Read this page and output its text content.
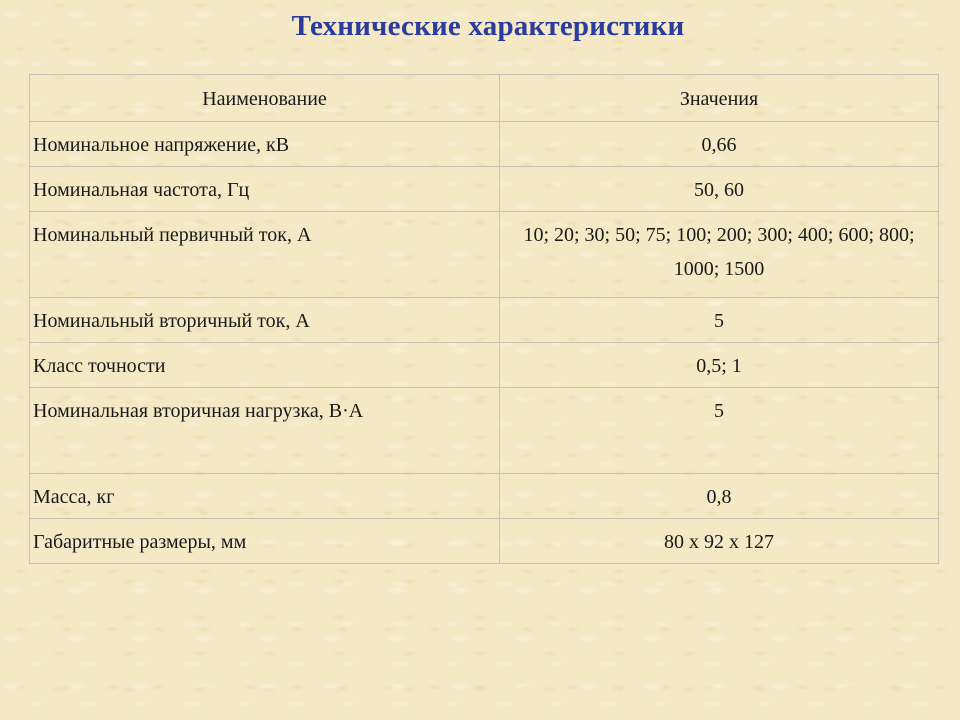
Технические характеристики
Наименование	Значения
Номинальное напряжение, кВ	0,66
Номинальная частота, Гц	50, 60
Номинальный первичный ток, А	10; 20; 30; 50; 75; 100; 200; 300; 400; 600; 800; 1000; 1500
Номинальный вторичный ток, А	5
Класс точности	0,5; 1
Номинальная вторичная нагрузка, В·А	5
Масса, кг	0,8
Габаритные размеры, мм	80 х 92 х 127
